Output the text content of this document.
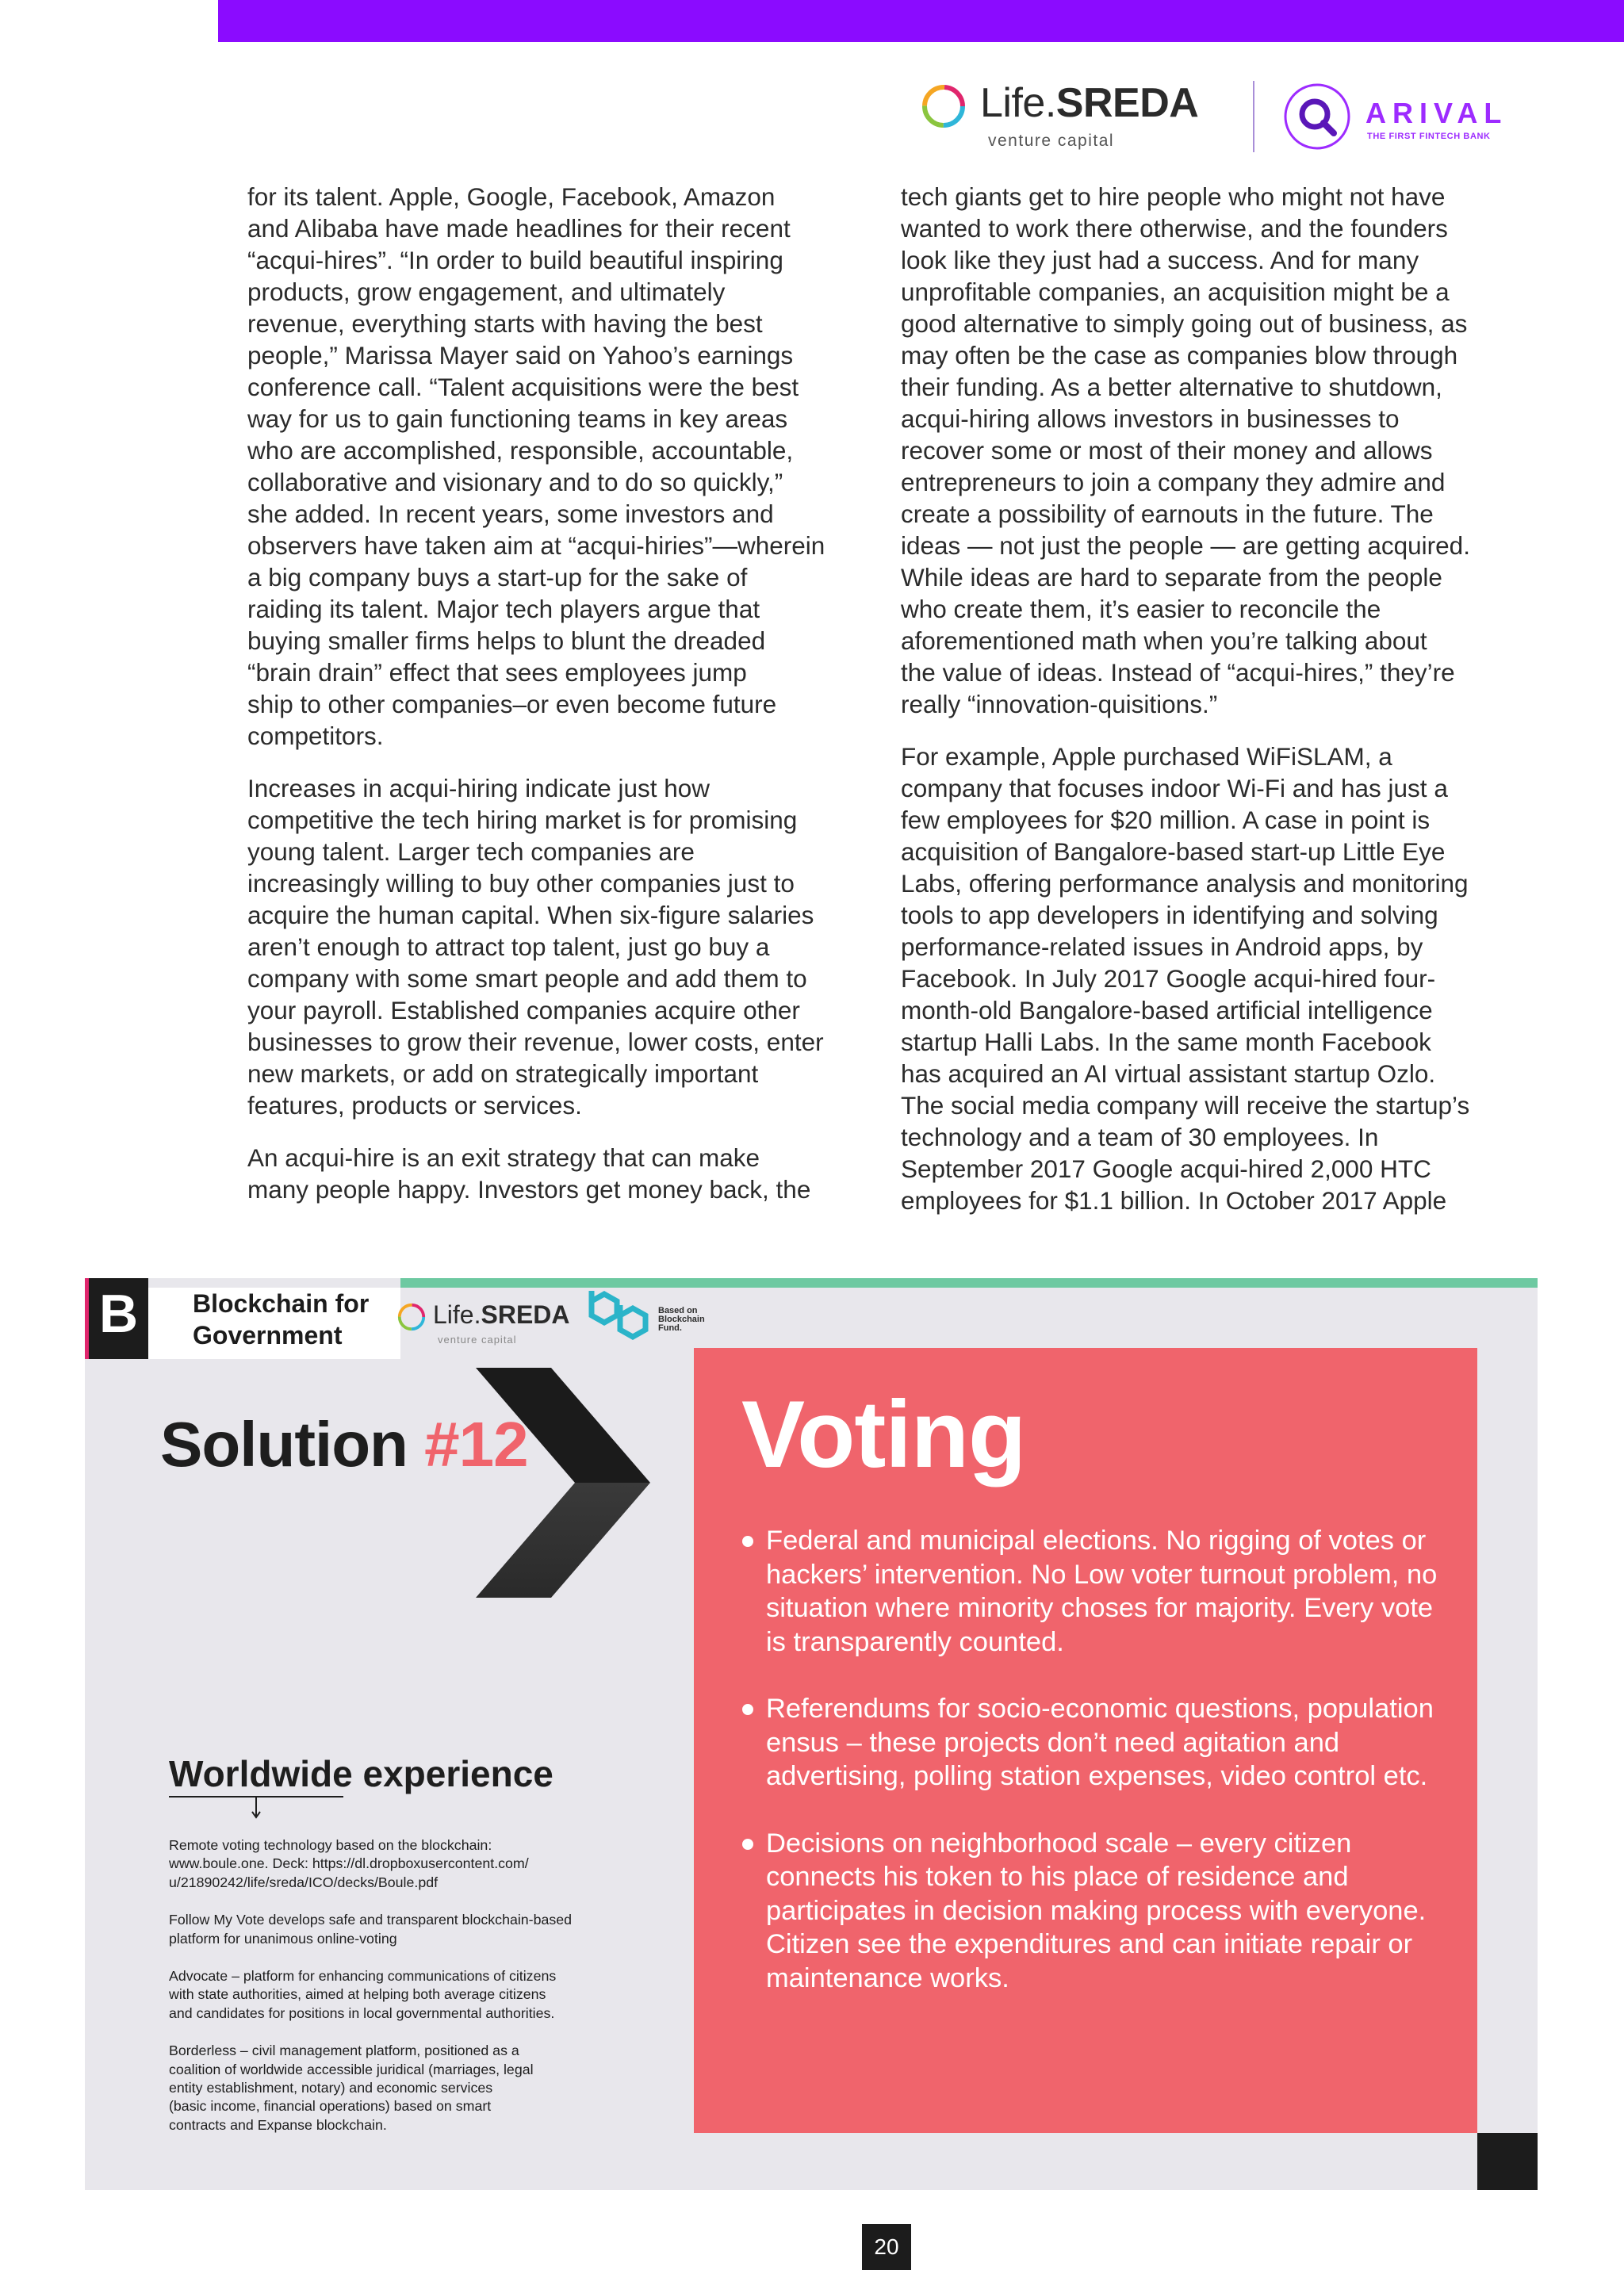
Life.SREDA
venture capital
ARIVAL
THE FIRST FINTECH BANK

for its talent. Apple, Google, Facebook, Amazon
and Alibaba have made headlines for their recent
“acqui-hires”. “In order to build beautiful inspiring
products, grow engagement, and ultimately
revenue, everything starts with having the best
people,” Marissa Mayer said on Yahoo’s earnings
conference call. “Talent acquisitions were the best
way for us to gain functioning teams in key areas
who are accomplished, responsible, accountable,
collaborative and visionary and to do so quickly,”
she added. In recent years, some investors and
observers have taken aim at “acqui-hiries”—wherein
a big company buys a start-up for the sake of
raiding its talent. Major tech players argue that
buying smaller firms helps to blunt the dreaded
“brain drain” effect that sees employees jump
ship to other companies–or even become future
competitors.

Increases in acqui-hiring indicate just how
competitive the tech hiring market is for promising
young talent. Larger tech companies are
increasingly willing to buy other companies just to
acquire the human capital. When six-figure salaries
aren’t enough to attract top talent, just go buy a
company with some smart people and add them to
your payroll. Established companies acquire other
businesses to grow their revenue, lower costs, enter
new markets, or add on strategically important
features, products or services.

An acqui-hire is an exit strategy that can make
many people happy. Investors get money back, the

tech giants get to hire people who might not have
wanted to work there otherwise, and the founders
look like they just had a success. And for many
unprofitable companies, an acquisition might be a
good alternative to simply going out of business, as
may often be the case as companies blow through
their funding. As a better alternative to shutdown,
acqui-hiring allows investors in businesses to
recover some or most of their money and allows
entrepreneurs to join a company they admire and
create a possibility of earnouts in the future. The
ideas — not just the people — are getting acquired.
While ideas are hard to separate from the people
who create them, it’s easier to reconcile the
aforementioned math when you’re talking about
the value of ideas. Instead of “acqui-hires,” they’re
really “innovation-quisitions.”

For example, Apple purchased WiFiSLAM, a
company that focuses indoor Wi-Fi and has just a
few employees for $20 million. A case in point is
acquisition of Bangalore-based start-up Little Eye
Labs, offering performance analysis and monitoring
tools to app developers in identifying and solving
performance-related issues in Android apps, by
Facebook. In July 2017 Google acqui-hired four-
month-old Bangalore-based artificial intelligence
startup Halli Labs. In the same month Facebook
has acquired an AI virtual assistant startup Ozlo.
The social media company will receive the startup’s
technology and a team of 30 employees. In
September 2017 Google acqui-hired 2,000 HTC
employees for $1.1 billion. In October 2017 Apple

B	Blockchain for
Government
Life.SREDA
venture capital
Based on
Blockchain
Fund.
Solution #12 Voting
Federal and municipal elections. No rigging of votes or hackers’ intervention. No Low voter turnout problem, no situation where minority choses for majority. Every vote is transparently counted.
Referendums for socio-economic questions, population ensus – these projects don’t need agitation and advertising, polling station expenses, video control etc.
Decisions on neighborhood scale – every citizen connects his token to his place of residence and participates in decision making process with everyone. Citizen see the expenditures and can initiate repair or maintenance works.
Worldwide experience

Remote voting technology based on the blockchain:
www.boule.one. Deck: https://dl.dropboxusercontent.com/
u/21890242/life/sreda/ICO/decks/Boule.pdf

Follow My Vote develops safe and transparent blockchain-based
platform for unanimous online-voting

Advocate – platform for enhancing communications of citizens
with state authorities, aimed at helping both average citizens
and candidates for positions in local governmental authorities.

Borderless – civil management platform, positioned as a
coalition of worldwide accessible juridical (marriages, legal
entity establishment, notary) and economic services
(basic income, financial operations) based on smart
contracts and Expanse blockchain.

20
